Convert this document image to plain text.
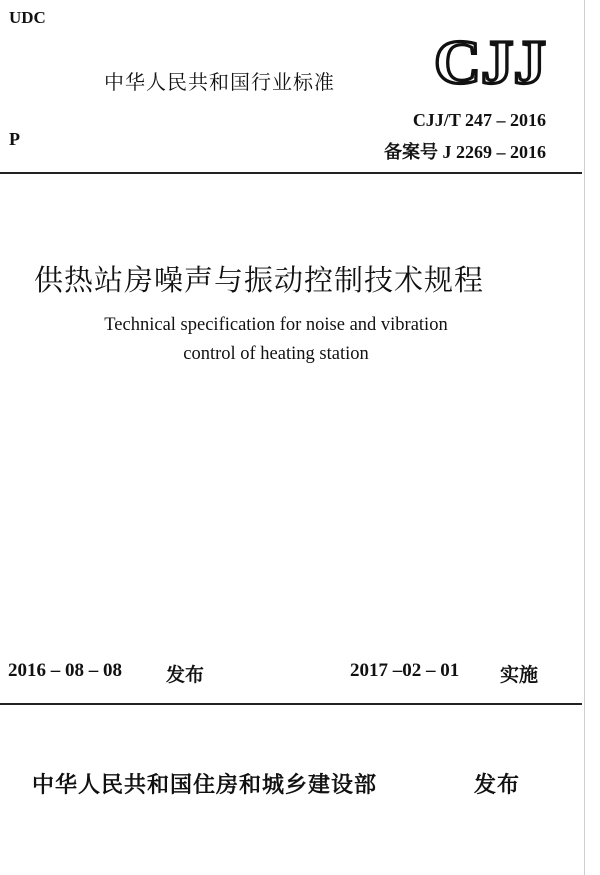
UDC
中华人民共和国行业标准 CJJ
P
CJJ/T 247 – 2016
备案号 J 2269 – 2016
供热站房噪声与振动控制技术规程
Technical specification for noise and vibration
control of heating station
2016 – 08 – 08 发布	2017 –02 – 01 实施
中华人民共和国住房和城乡建设部	发布
